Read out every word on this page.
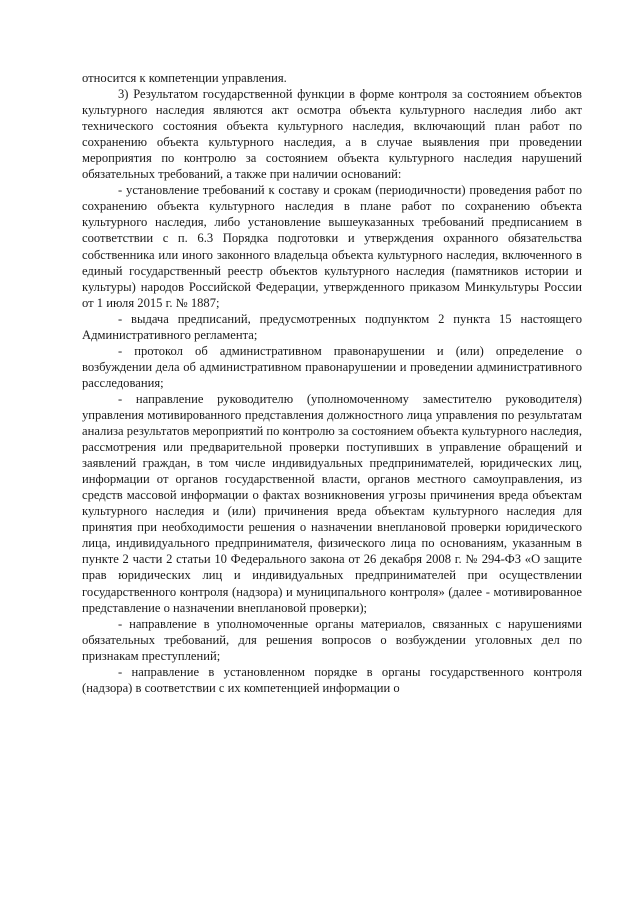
относится к компетенции управления.

3) Результатом государственной функции в форме контроля за состоянием объектов культурного наследия являются акт осмотра объекта культурного наследия либо акт технического состояния объекта культурного наследия, включающий план работ по сохранению объекта культурного наследия, а в случае выявления при проведении мероприятия по контролю за состоянием объекта культурного наследия нарушений обязательных требований, а также при наличии оснований:

- установление требований к составу и срокам (периодичности) проведения работ по сохранению объекта культурного наследия в плане работ по сохранению объекта культурного наследия, либо установление вышеуказанных требований предписанием в соответствии с п. 6.3 Порядка подготовки и утверждения охранного обязательства собственника или иного законного владельца объекта культурного наследия, включенного в единый государственный реестр объектов культурного наследия (памятников истории и культуры) народов Российской Федерации, утвержденного приказом Минкультуры России от 1 июля 2015 г. № 1887;

- выдача предписаний, предусмотренных подпунктом 2 пункта 15 настоящего Административного регламента;

- протокол об административном правонарушении и (или) определение о возбуждении дела об административном правонарушении и проведении административного расследования;

- направление руководителю (уполномоченному заместителю руководителя) управления мотивированного представления должностного лица управления по результатам анализа результатов мероприятий по контролю за состоянием объекта культурного наследия, рассмотрения или предварительной проверки поступивших в управление обращений и заявлений граждан, в том числе индивидуальных предпринимателей, юридических лиц, информации от органов государственной власти, органов местного самоуправления, из средств массовой информации о фактах возникновения угрозы причинения вреда объектам культурного наследия и (или) причинения вреда объектам культурного наследия для принятия при необходимости решения о назначении внеплановой проверки юридического лица, индивидуального предпринимателя, физического лица по основаниям, указанным в пункте 2 части 2 статьи 10 Федерального закона от 26 декабря 2008 г. № 294-ФЗ «О защите прав юридических лиц и индивидуальных предпринимателей при осуществлении государственного контроля (надзора) и муниципального контроля» (далее - мотивированное представление о назначении внеплановой проверки);

- направление в уполномоченные органы материалов, связанных с нарушениями обязательных требований, для решения вопросов о возбуждении уголовных дел по признакам преступлений;

- направление в установленном порядке в органы государственного контроля (надзора) в соответствии с их компетенцией информации о
